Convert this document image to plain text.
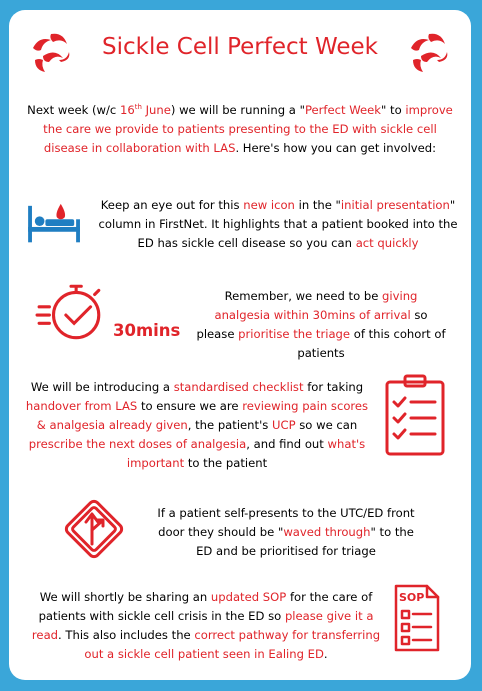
Sickle Cell Perfect Week
Next week (w/c 16th June) we will be running a "Perfect Week" to improve the care we provide to patients presenting to the ED with sickle cell disease in collaboration with LAS. Here's how you can get involved:
Keep an eye out for this new icon in the "initial presentation" column in FirstNet. It highlights that a patient booked into the ED has sickle cell disease so you can act quickly
30mins
Remember, we need to be giving analgesia within 30mins of arrival so please prioritise the triage of this cohort of patients
We will be introducing a standardised checklist for taking handover from LAS to ensure we are reviewing pain scores & analgesia already given, the patient's UCP so we can prescribe the next doses of analgesia, and find out what's important to the patient
If a patient self-presents to the UTC/ED front door they should be "waved through" to the ED and be prioritised for triage
We will shortly be sharing an updated SOP for the care of patients with sickle cell crisis in the ED so please give it a read. This also includes the correct pathway for transferring out a sickle cell patient seen in Ealing ED.
SOP
